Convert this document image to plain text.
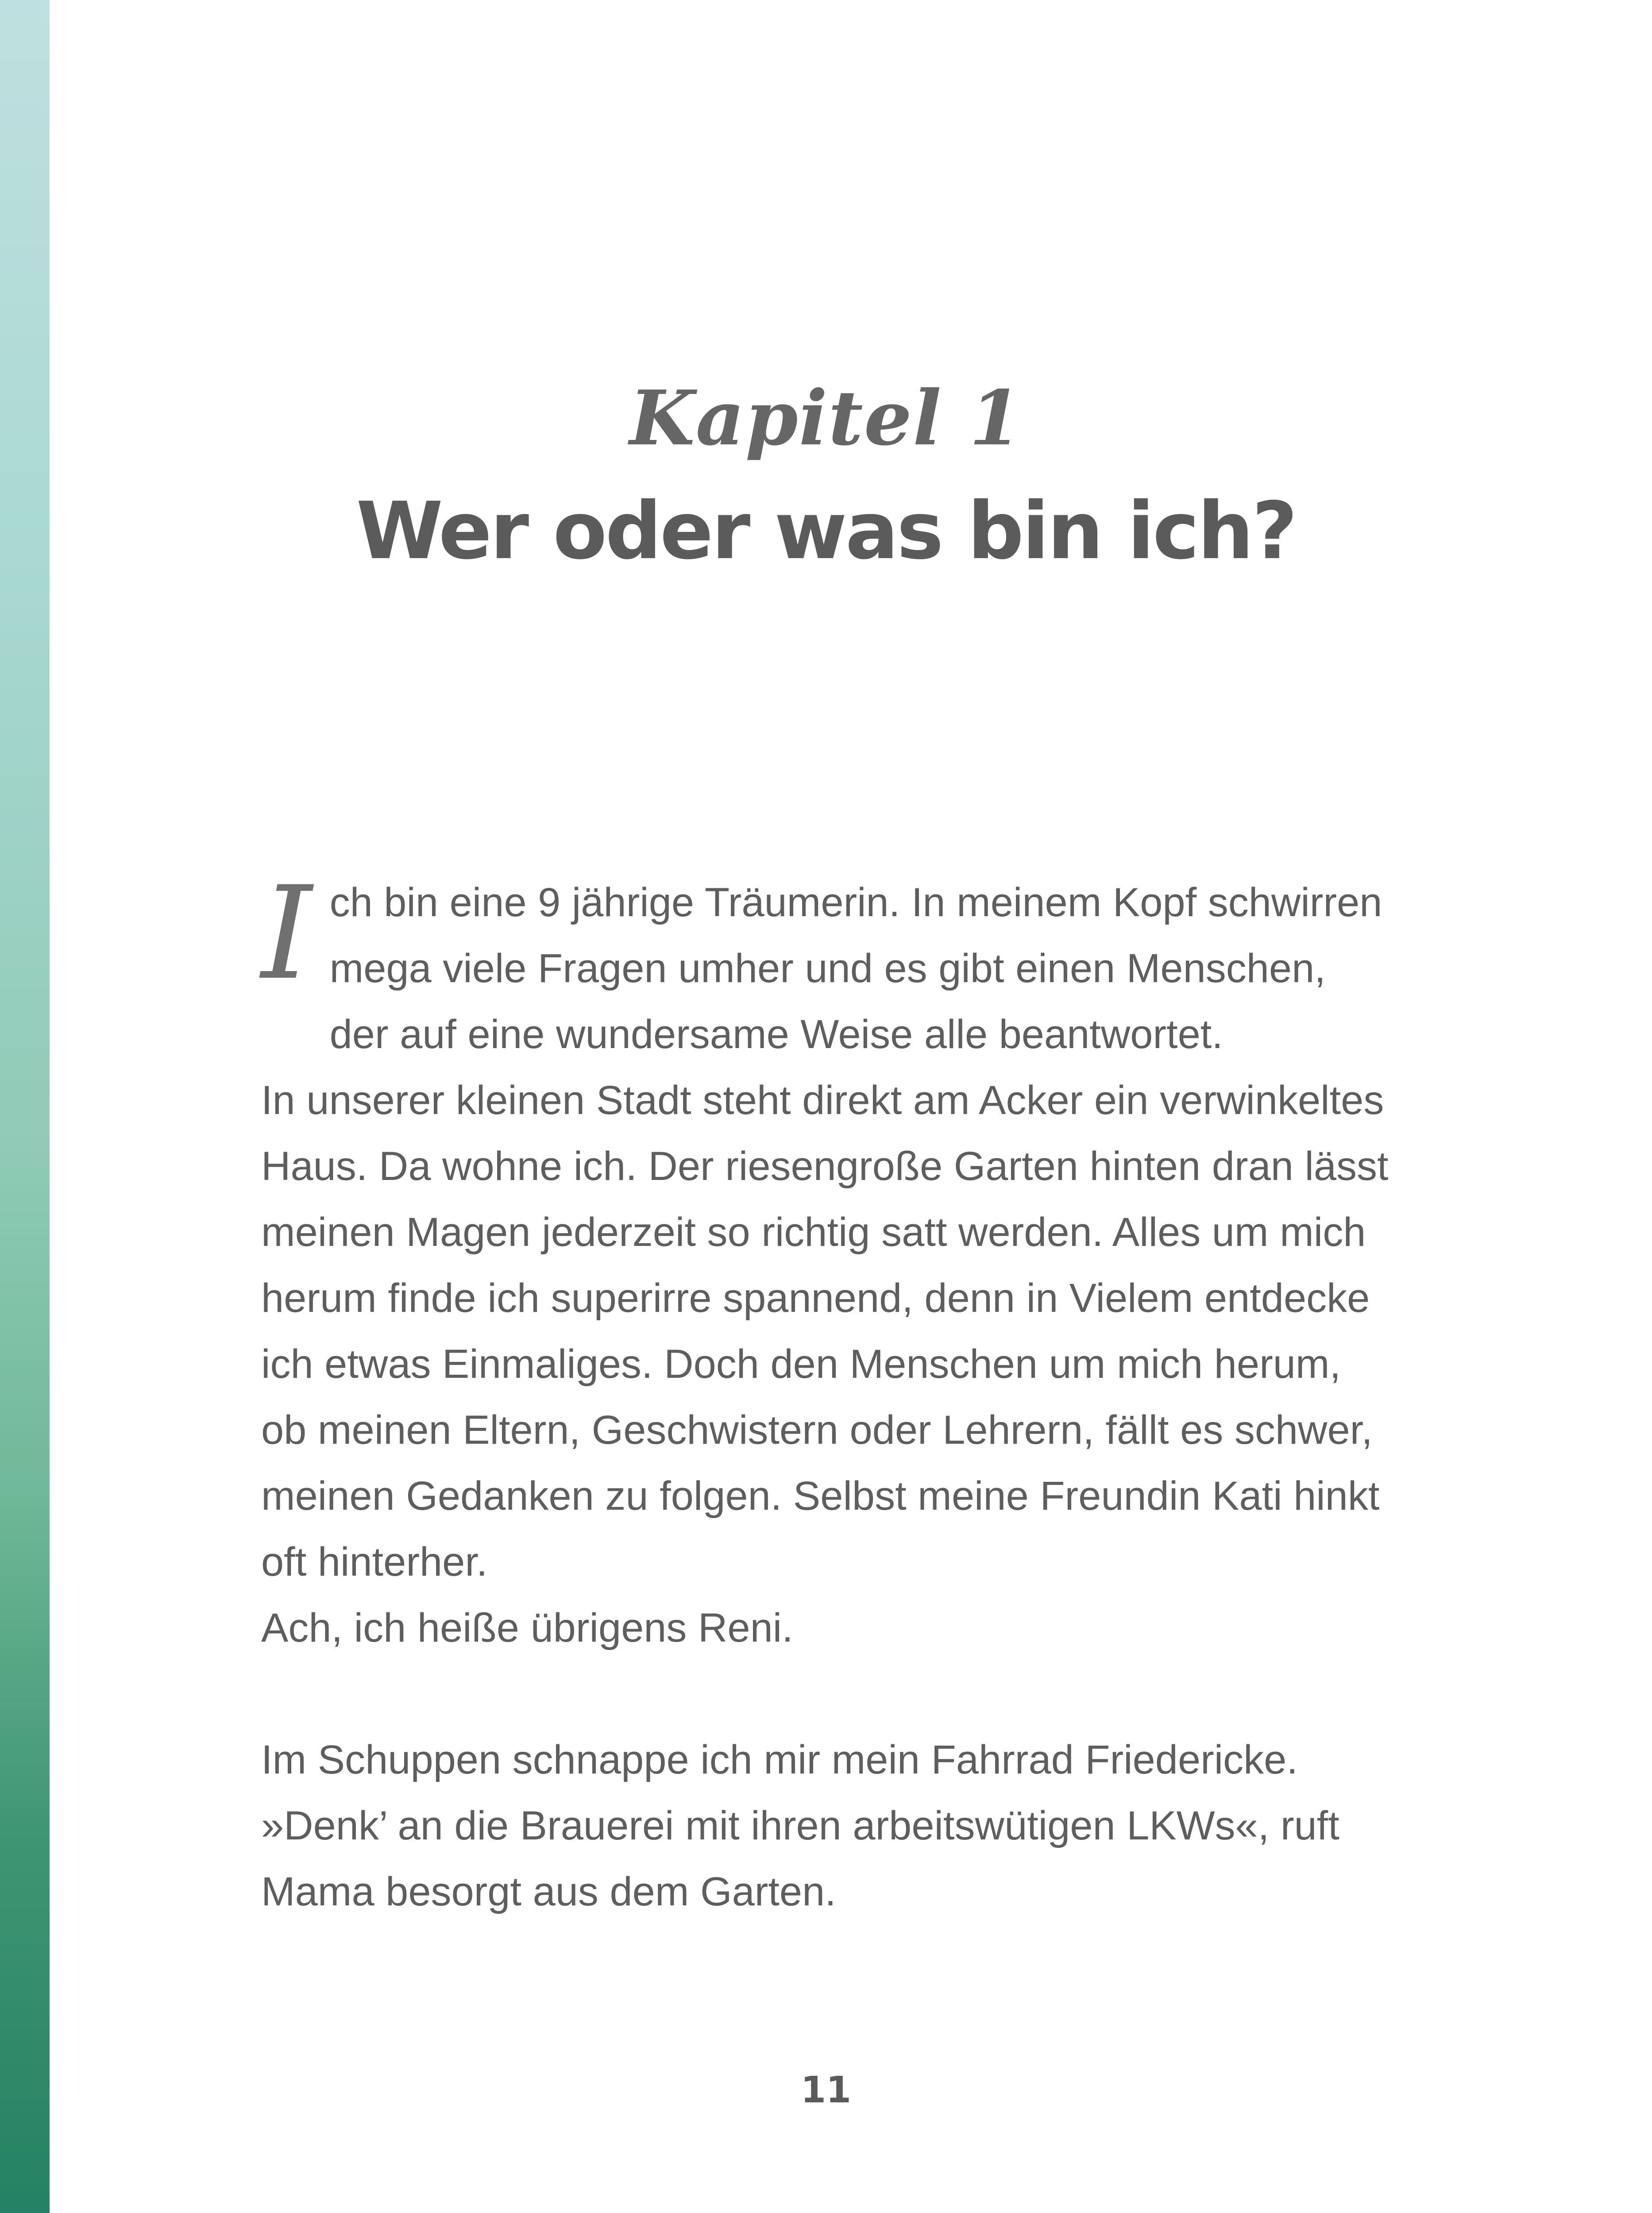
Kapitel 1
Wer oder was bin ich?
I ch bin eine 9 jährige Träumerin. In meinem Kopf schwirren mega viele Fragen umher und es gibt einen Menschen, der auf eine wundersame Weise alle beantwortet.

In unserer kleinen Stadt steht direkt am Acker ein verwinkeltes Haus. Da wohne ich. Der riesengroße Garten hinten dran lässt meinen Magen jederzeit so richtig satt werden. Alles um mich herum finde ich superirre spannend, denn in Vielem entdecke ich etwas Einmaliges. Doch den Menschen um mich herum, ob meinen Eltern, Geschwistern oder Lehrern, fällt es schwer, meinen Gedanken zu folgen. Selbst meine Freundin Kati hinkt oft hinterher.

Ach, ich heiße übrigens Reni.

Im Schuppen schnappe ich mir mein Fahrrad Friedericke.

»Denk’ an die Brauerei mit ihren arbeitswütigen LKWs«, ruft Mama besorgt aus dem Garten.

11
